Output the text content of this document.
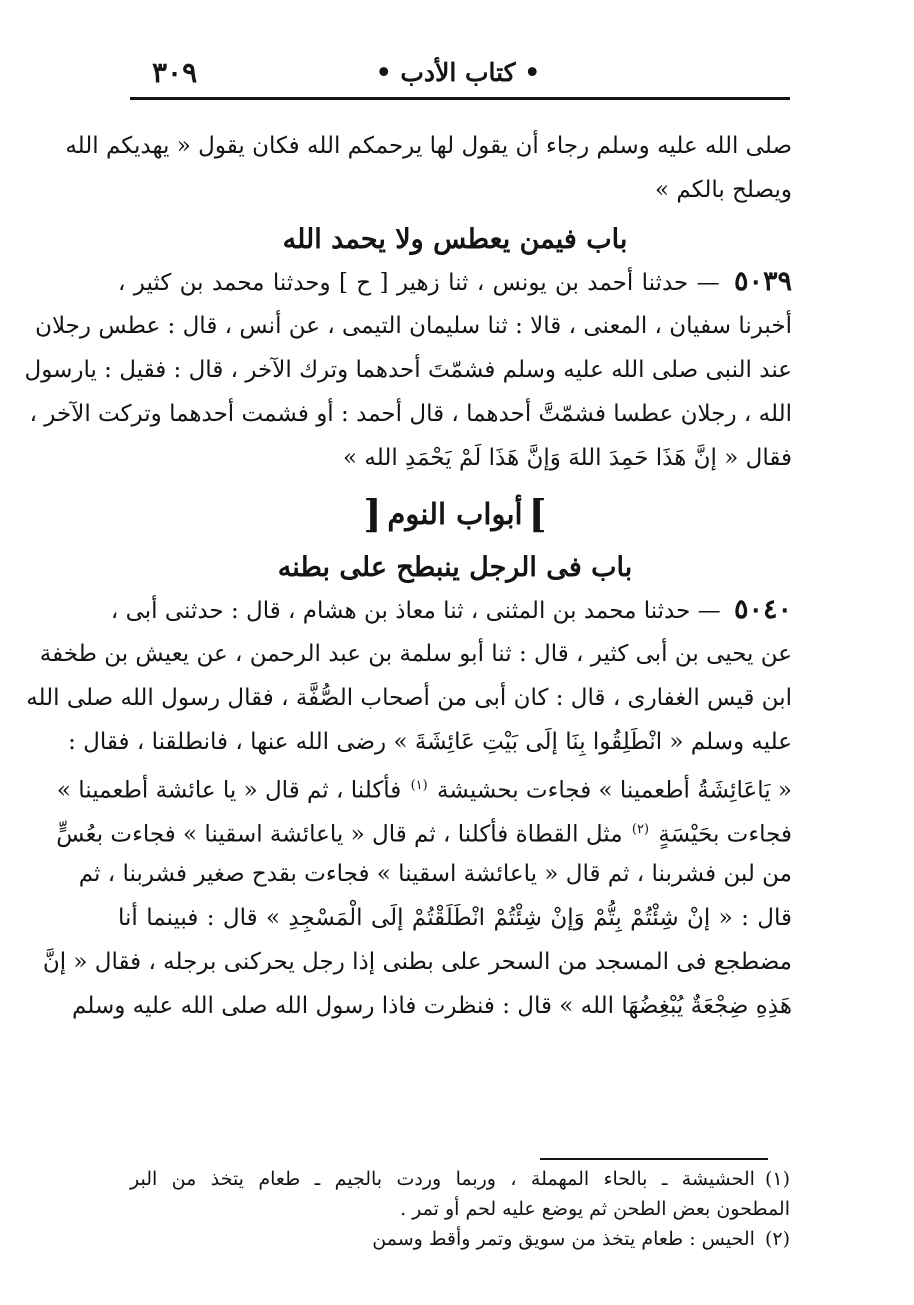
٣٠٩	• كتاب الأدب •
صلى الله عليه وسلم رجاء أن يقول لها يرحمكم الله فكان يقول « يهديكم الله
ويصلح بالكم »
باب فيمن يعطس ولا يحمد الله
٥٠٣٩ — حدثنا أحمد بن يونس ، ثنا زهير [ ح ] وحدثنا محمد بن كثير ،
أخبرنا سفيان ، المعنى ، قالا : ثنا سليمان التيمى ، عن أنس ، قال : عطس رجلان
عند النبى صلى الله عليه وسلم فشمّتَ أحدهما وترك الآخر ، قال : فقيل : يارسول
الله ، رجلان عطسا فشمّتَّ أحدهما ، قال أحمد : أو فشمت أحدهما وتركت الآخر ،
فقال « إنَّ هَذَا حَمِدَ اللهَ وَإنَّ هَذَا لَمْ يَحْمَدِ الله »
]أبواب النوم[
باب فى الرجل ينبطح على بطنه
٥٠٤٠ — حدثنا محمد بن المثنى ، ثنا معاذ بن هشام ، قال : حدثنى أبى ،
عن يحيى بن أبى كثير ، قال : ثنا أبو سلمة بن عبد الرحمن ، عن يعيش بن طخفة
ابن قيس الغفارى ، قال : كان أبى من أصحاب الصُّفَّة ، فقال رسول الله صلى الله
عليه وسلم « انْطَلِقُوا بِنَا إلَى بَيْتِ عَائِشَةَ » رضى الله عنها ، فانطلقنا ، فقال :
« يَاعَائِشَةُ أطعمينا » فجاءت بحشيشة $^{(١)}$ فأكلنا ، ثم قال « يا عائشة أطعمينا »
فجاءت بحَيْسَةٍ $^{(٢)}$ مثل القطاة فأكلنا ، ثم قال « ياعائشة اسقينا » فجاءت بعُسٍّ
من لبن فشربنا ، ثم قال « ياعائشة اسقينا » فجاءت بقدح صغير فشربنا ، ثم
قال : « إنْ شِئْتُمْ بِتُّمْ وَإنْ شِئْتُمْ انْطَلَقْتُمْ إلَى الْمَسْجِدِ » قال : فبينما أنا
مضطجع فى المسجد من السحر على بطنى إذا رجل يحركنى برجله ، فقال « إنَّ
هَذِهِ ضِجْعَةٌ يُبْغِضُهَا الله » قال : فنظرت فاذا رسول الله صلى الله عليه وسلم
(١)الحشيشة ـ بالحاء المهملة ، وربما وردت بالجيم ـ طعام يتخذ من البر
المطحون بعض الطحن ثم يوضع عليه لحم أو تمر .
(٢)الحيس : طعام يتخذ من سويق وتمر وأقط وسمن
